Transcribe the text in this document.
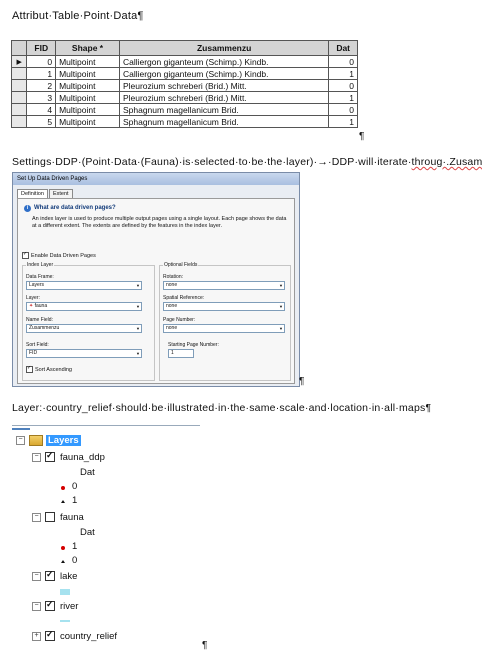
Attribut·Table·Point·Data¶
	FID	Shape *	Zusammenzu	Dat
▶	0	Multipoint	Calliergon giganteum (Schimp.) Kindb.	0
	1	Multipoint	Calliergon giganteum (Schimp.) Kindb.	1
	2	Multipoint	Pleurozium schreberi (Brid.) Mitt.	0
	3	Multipoint	Pleurozium schreberi (Brid.) Mitt.	1
	4	Multipoint	Sphagnum magellanicum Brid.	0
	5	Multipoint	Sphagnum magellanicum Brid.	1
¶
Settings·DDP·(Point·Data·(Fauna)·is·selected·to·be·the·layer)·→·DDP·will·iterate·throug·.Zusam
Set Up Data Driven Pages
Definition Extent
i What are data driven pages?
An index layer is used to produce multiple output pages using a single layout. Each page shows the data at a different extent. The extents are defined by the features in the index layer.
✓Enable Data Driven Pages
Index Layer
Data Frame:
Layers	▼
Layer:
✦ fauna	▼
Name Field:
Zusammenzu	▼
Sort Field:
FID	▼
✓Sort Ascending
Optional Fields
Rotation:
none	▼
Spatial Reference:
none	▼
Page Number:
none	▼
Starting Page Number:
1
¶
Layer:·country_relief·should·be·illustrated·in·the·same·scale·and·location·in·all·maps¶
−	Layers
− ✓ fauna_ddp
Dat
0
1
− fauna
Dat
1
0
− ✓ lake
− ✓ river
+ ✓ country_relief
¶
